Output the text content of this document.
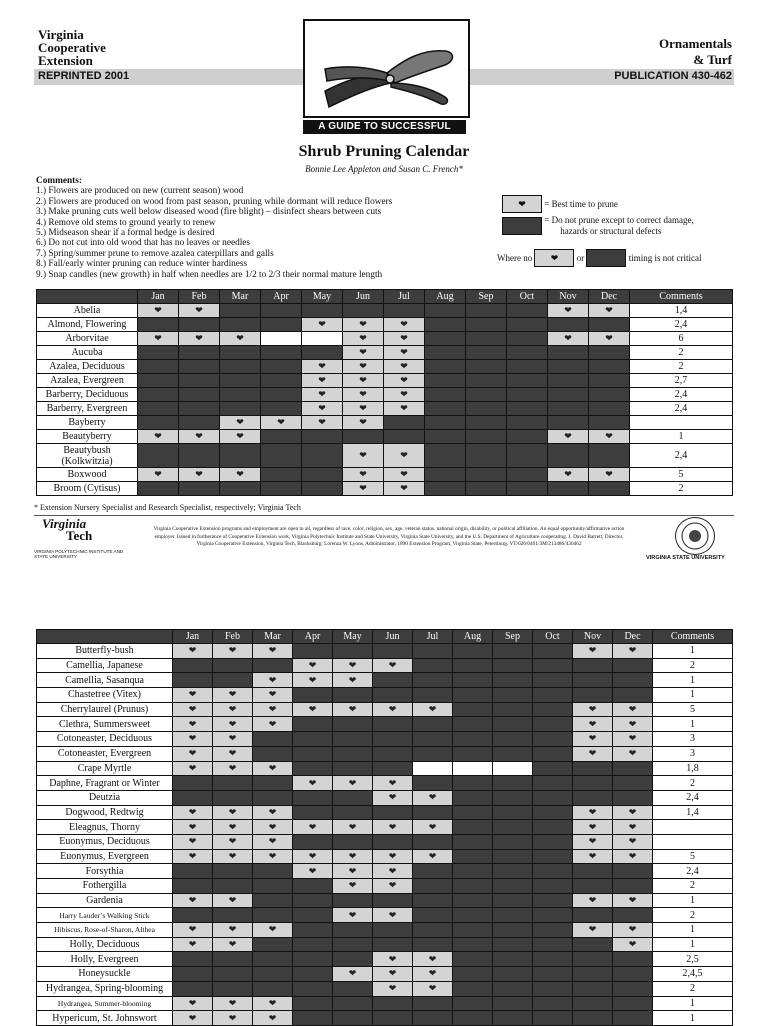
Virginia
Cooperative
Extension
REPRINTED 2001
Ornamentals
& Turf
PUBLICATION 430-462
A GUIDE TO SUCCESSFUL PRUNING
Shrub Pruning Calendar
Bonnie Lee Appleton and Susan C. French*
Comments:
1.) Flowers are produced on new (current season) wood
2.) Flowers are produced on wood from past season, pruning while dormant will reduce flowers
3.) Make pruning cuts well below diseased wood (fire blight) – disinfect shears between cuts
4.) Remove old stems to ground yearly to renew
5.) Midseason shear if a formal hedge is desired
6.) Do not cut into old wood that has no leaves or needles
7.) Spring/summer prune to remove azalea caterpillars and galls
8.) Fall/early winter pruning can reduce winter hardiness
9.) Snap candles (new growth) in half when needles are 1/2 to 2/3 their normal mature length
❤ = Best time to prune
= Do not prune except to correct damage,
hazards or structural defects
Where no ❤ or	timing is not critical
	Jan	Feb	Mar	Apr	May	Jun	Jul	Aug	Sep	Oct	Nov	Dec	Comments
Abelia	❤	❤									❤	❤	1,4
Almond, Flowering					❤	❤	❤						2,4
Arborvitae	❤	❤	❤			❤	❤				❤	❤	6
Aucuba						❤	❤						2
Azalea, Deciduous					❤	❤	❤						2
Azalea, Evergreen					❤	❤	❤						2,7
Barberry, Deciduous					❤	❤	❤						2,4
Barberry, Evergreen					❤	❤	❤						2,4
Bayberry			❤	❤	❤	❤							
Beautyberry	❤	❤	❤								❤	❤	1
Beautybush (Kolkwitzia)						❤	❤						2,4
Boxwood	❤	❤	❤			❤	❤				❤	❤	5
Broom (Cytisus)						❤	❤						2
* Extension Nursery Specialist and Research Specialist, respectively; Virginia Tech
Virginia
Tech
VIRGINIA POLYTECHNIC INSTITUTE AND STATE UNIVERSITY
Virginia Cooperative Extension programs and employment are open to all, regardless of race, color, religion, sex, age, veteran status, national origin, disability, or political affiliation. An equal opportunity/affirmative action employer. Issued in furtherance of Cooperative Extension work, Virginia Polytechnic Institute and State University, Virginia State University, and the U.S. Department of Agriculture cooperating. J. David Barrett, Director, Virginia Cooperative Extension, Virginia Tech, Blacksburg; Lorenza W. Lyons, Administrator, 1890 Extension Program, Virginia State, Petersburg. VT/026/0401/3M/213486/430462
VIRGINIA STATE UNIVERSITY
	Jan	Feb	Mar	Apr	May	Jun	Jul	Aug	Sep	Oct	Nov	Dec	Comments
Butterfly-bush	❤	❤	❤								❤	❤	1
Camellia, Japanese				❤	❤	❤							2
Camellia, Sasanqua			❤	❤	❤								1
Chastetree (Vitex)	❤	❤	❤										1
Cherrylaurel (Prunus)	❤	❤	❤	❤	❤	❤	❤				❤	❤	5
Clethra, Summersweet	❤	❤	❤								❤	❤	1
Cotoneaster, Deciduous	❤	❤									❤	❤	3
Cotoneaster, Evergreen	❤	❤									❤	❤	3
Crape Myrtle	❤	❤	❤										1,8
Daphne, Fragrant or Winter				❤	❤	❤							2
Deutzia						❤	❤						2,4
Dogwood, Redtwig	❤	❤	❤								❤	❤	1,4
Eleagnus, Thorny	❤	❤	❤	❤	❤	❤	❤				❤	❤	
Euonymus, Deciduous	❤	❤	❤								❤	❤	
Euonymus, Evergreen	❤	❤	❤	❤	❤	❤	❤				❤	❤	5
Forsythia				❤	❤	❤							2,4
Fothergilla					❤	❤							2
Gardenia	❤	❤									❤	❤	1
Harry Lauder’s Walking Stick					❤	❤							2
Hibiscus, Rose-of-Sharon, Althea	❤	❤	❤								❤	❤	1
Holly, Deciduous	❤	❤										❤	1
Holly, Evergreen						❤	❤						2,5
Honeysuckle					❤	❤	❤						2,4,5
Hydrangea, Spring-blooming						❤	❤						2
Hydrangea, Summer-blooming	❤	❤	❤										1
Hypericum, St. Johnswort	❤	❤	❤										1
